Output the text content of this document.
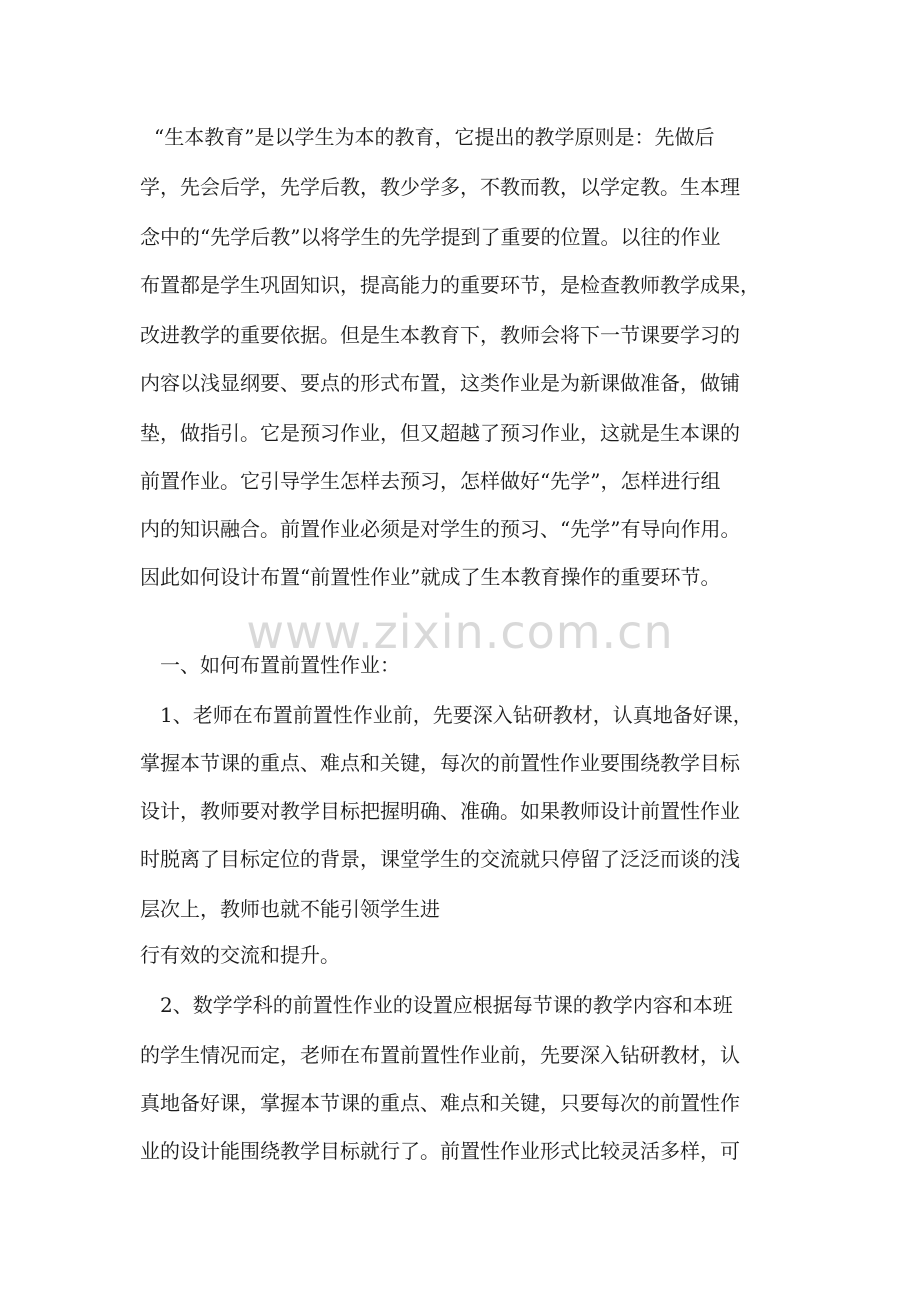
“生本教育”是以学生为本的教育，它提出的教学原则是：先做后
学，先会后学，先学后教，教少学多，不教而教，以学定教。生本理
念中的“先学后教”以将学生的先学提到了重要的位置。以往的作业
布置都是学生巩固知识，提高能力的重要环节，是检查教师教学成果，
改进教学的重要依据。但是生本教育下，教师会将下一节课要学习的
内容以浅显纲要、要点的形式布置，这类作业是为新课做准备，做铺
垫，做指引。它是预习作业，但又超越了预习作业，这就是生本课的
前置作业。它引导学生怎样去预习，怎样做好“先学”，怎样进行组
内的知识融合。前置作业必须是对学生的预习、“先学”有导向作用。
因此如何设计布置“前置性作业”就成了生本教育操作的重要环节。
www.zixin.com.cn
一、如何布置前置性作业：
1、老师在布置前置性作业前，先要深入钻研教材，认真地备好课，
掌握本节课的重点、难点和关键，每次的前置性作业要围绕教学目标
设计，教师要对教学目标把握明确、准确。如果教师设计前置性作业
时脱离了目标定位的背景，课堂学生的交流就只停留了泛泛而谈的浅
层次上，教师也就不能引领学生进
行有效的交流和提升。
2、数学学科的前置性作业的设置应根据每节课的教学内容和本班
的学生情况而定，老师在布置前置性作业前，先要深入钻研教材，认
真地备好课，掌握本节课的重点、难点和关键，只要每次的前置性作
业的设计能围绕教学目标就行了。前置性作业形式比较灵活多样，可
